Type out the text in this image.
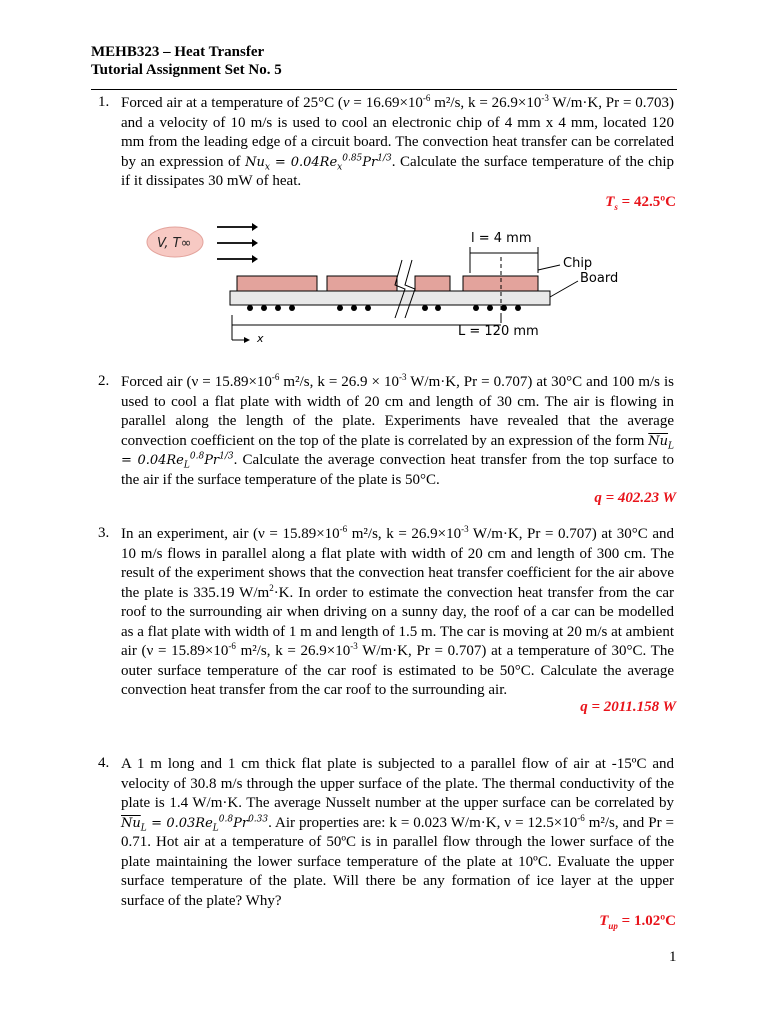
MEHB323 – Heat Transfer
Tutorial Assignment Set No. 5
1. Forced air at a temperature of 25°C ($\nu = 16.69\times 10^{-6}$ m²/s, $k = 26.9\times 10^{-3}$ W/m·K, Pr = 0.703) and a velocity of 10 m/s is used to cool an electronic chip of 4 mm x 4 mm, located 120 mm from the leading edge of a circuit board. The convection heat transfer can be correlated by an expression of $Nu_x = 0.04Re_x^{0.85}Pr^{1/3}$. Calculate the surface temperature of the chip if it dissipates 30 mW of heat.
$T_s$ = 42.5ºC
V, T∞	l = 4 mm
Chip
Board
x	L = 120 mm
2. Forced air ($\nu = 15.89\times 10^{-6}$ m²/s, $k = 26.9 \times 10^{-3}$ W/m·K, Pr = 0.707) at 30°C and 100 m/s is used to cool a flat plate with width of 20 cm and length of 30 cm. The air is flowing in parallel along the length of the plate. Experiments have revealed that the average convection coefficient on the top of the plate is correlated by an expression of the form $\overline{Nu}_L = 0.04Re_L^{0.8}Pr^{1/3}$. Calculate the average convection heat transfer from the top surface to the air if the surface temperature of the plate is 50°C.
q = 402.23 W
3. In an experiment, air ($\nu = 15.89\times 10^{-6}$ m²/s, $k = 26.9\times 10^{-3}$ W/m·K, Pr = 0.707) at 30°C and 10 m/s flows in parallel along a flat plate with width of 20 cm and length of 300 cm. The result of the experiment shows that the convection heat transfer coefficient for the air above the plate is 335.19 $W/m^2\cdot K$. In order to estimate the convection heat transfer from the car roof to the surrounding air when driving on a sunny day, the roof of a car can be modelled as a flat plate with width of 1 m and length of 1.5 m. The car is moving at 20 m/s at ambient air ($\nu = 15.89\times 10^{-6}$ m²/s, $k = 26.9\times 10^{-3}$ W/m·K, Pr = 0.707) at a temperature of 30°C. The outer surface temperature of the car roof is estimated to be 50°C. Calculate the average convection heat transfer from the car roof to the surrounding air.
q = 2011.158 W
4. A 1 m long and 1 cm thick flat plate is subjected to a parallel flow of air at -15ºC and velocity of 30.8 m/s through the upper surface of the plate. The thermal conductivity of the plate is 1.4 W/m·K. The average Nusselt number at the upper surface can be correlated by $\overline{Nu}_L = 0.03Re_L^{0.8}Pr^{0.33}$. Air properties are: k = 0.023 W/m·K, $\nu = 12.5\times 10^{-6}$ m²/s, and Pr = 0.71. Hot air at a temperature of 50ºC is in parallel flow through the lower surface of the plate maintaining the lower surface temperature of the plate at 10ºC. Evaluate the upper surface temperature of the plate. Will there be any formation of ice layer at the upper surface of the plate? Why?
$T_{up}$ = 1.02ºC
1
